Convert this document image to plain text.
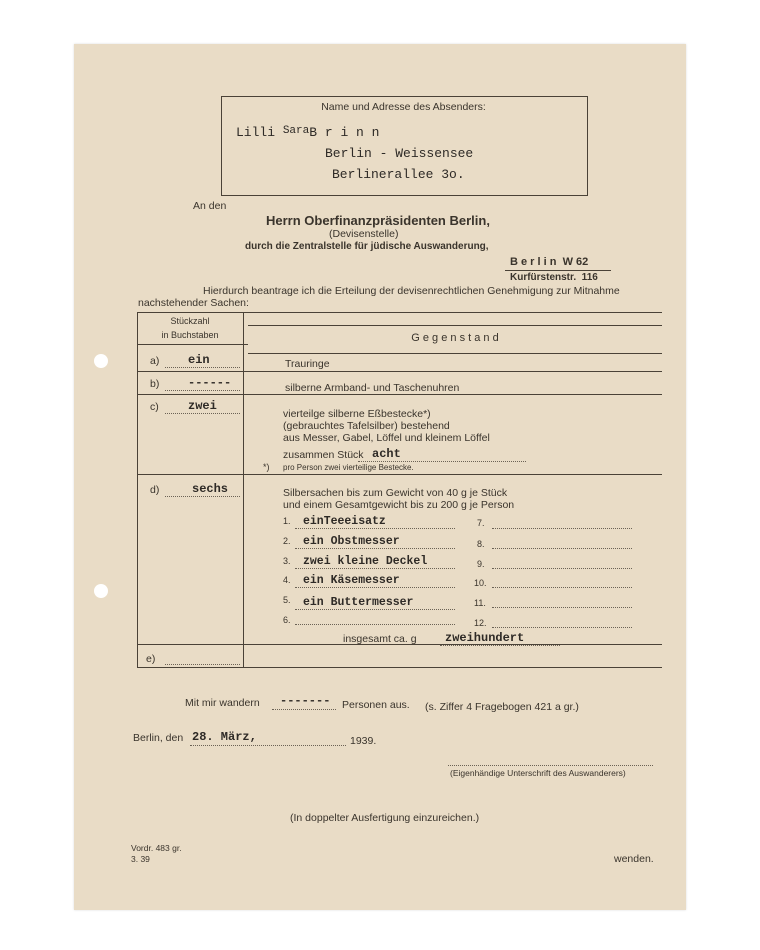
Name und Adresse des Absenders:
Lilli $^{Sara}$B r i n n
Berlin - Weissensee
Berlinerallee 3o.
An den
Herrn Oberfinanzpräsidenten Berlin,
(Devisenstelle)
durch die Zentralstelle für jüdische Auswanderung,
B e r l i n  W 62
Kurfürstenstr.  116
Hierdurch beantrage ich die Erteilung der devisenrechtlichen Genehmigung zur Mitnahme
nachstehender Sachen:
Stückzahl
in Buchstaben	G e g e n s t a n d
a) ein	Trauringe
b) ------	silberne Armband- und Taschenuhren
c) zwei
vierteilge silberne Eßbestecke*)
(gebrauchtes Tafelsilber) bestehend
aus Messer, Gabel, Löffel und kleinem Löffel
zusammen Stück acht
*) pro Person zwei vierteilige Bestecke.
d)	sechs	Silbersachen bis zum Gewicht von 40 g je Stück
und einem Gesamtgewicht bis zu 200 g je Person
1. einTeeeisatz
2. ein Obstmesser
3. zwei kleine Deckel
4. ein Käsemesser
5. ein Buttermesser
6.
7.
8.
9.
10.
11.
12.
insgesamt ca. g zweihundert
e)
Mit mir wandern ------- Personen aus. (s. Ziffer 4 Fragebogen 421 a gr.)
Berlin, den 28. März,	1939.
(Eigenhändige Unterschrift des Auswanderers)
(In doppelter Ausfertigung einzureichen.)
Vordr. 483 gr.
3. 39	wenden.
